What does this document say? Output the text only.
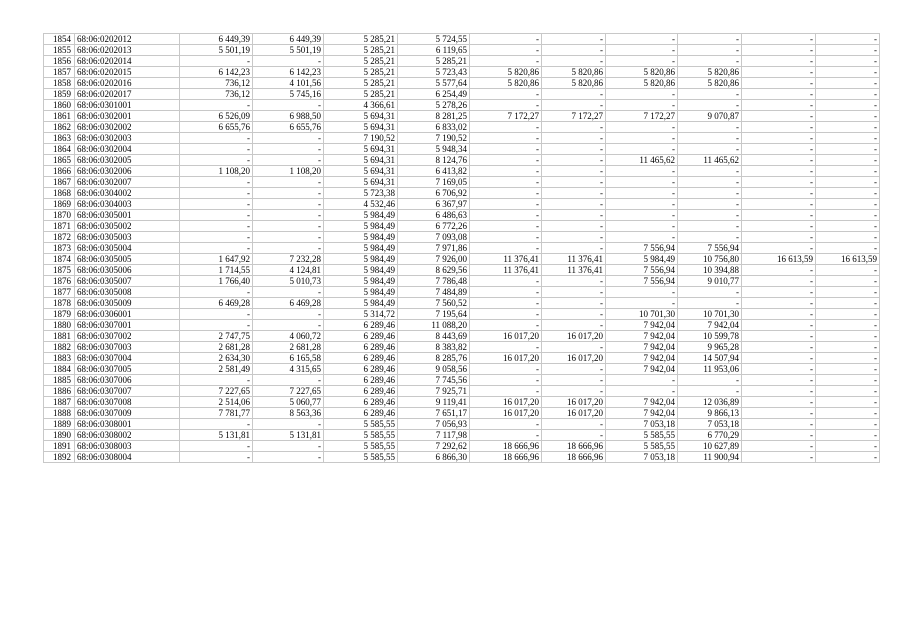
1854	68:06:0202012	6 449,39	6 449,39	5 285,21	5 724,55	-	-	-	-	-	-
1855	68:06:0202013	5 501,19	5 501,19	5 285,21	6 119,65	-	-	-	-	-	-
1856	68:06:0202014	-	-	5 285,21	5 285,21	-	-	-	-	-	-
1857	68:06:0202015	6 142,23	6 142,23	5 285,21	5 723,43	5 820,86	5 820,86	5 820,86	5 820,86	-	-
1858	68:06:0202016	736,12	4 101,56	5 285,21	5 577,64	5 820,86	5 820,86	5 820,86	5 820,86	-	-
1859	68:06:0202017	736,12	5 745,16	5 285,21	6 254,49	-	-	-	-	-	-
1860	68:06:0301001	-	-	4 366,61	5 278,26	-	-	-	-	-	-
1861	68:06:0302001	6 526,09	6 988,50	5 694,31	8 281,25	7 172,27	7 172,27	7 172,27	9 070,87	-	-
1862	68:06:0302002	6 655,76	6 655,76	5 694,31	6 833,02	-	-	-	-	-	-
1863	68:06:0302003	-	-	7 190,52	7 190,52	-	-	-	-	-	-
1864	68:06:0302004	-	-	5 694,31	5 948,34	-	-	-	-	-	-
1865	68:06:0302005	-	-	5 694,31	8 124,76	-	-	11 465,62	11 465,62	-	-
1866	68:06:0302006	1 108,20	1 108,20	5 694,31	6 413,82	-	-	-	-	-	-
1867	68:06:0302007	-	-	5 694,31	7 169,05	-	-	-	-	-	-
1868	68:06:0304002	-	-	5 723,38	6 706,92	-	-	-	-	-	-
1869	68:06:0304003	-	-	4 532,46	6 367,97	-	-	-	-	-	-
1870	68:06:0305001	-	-	5 984,49	6 486,63	-	-	-	-	-	-
1871	68:06:0305002	-	-	5 984,49	6 772,26	-	-	-	-	-	-
1872	68:06:0305003	-	-	5 984,49	7 093,08	-	-	-	-	-	-
1873	68:06:0305004	-	-	5 984,49	7 971,86	-	-	7 556,94	7 556,94	-	-
1874	68:06:0305005	1 647,92	7 232,28	5 984,49	7 926,00	11 376,41	11 376,41	5 984,49	10 756,80	16 613,59	16 613,59
1875	68:06:0305006	1 714,55	4 124,81	5 984,49	8 629,56	11 376,41	11 376,41	7 556,94	10 394,88	-	-
1876	68:06:0305007	1 766,40	5 010,73	5 984,49	7 786,48	-	-	7 556,94	9 010,77	-	-
1877	68:06:0305008	-	-	5 984,49	7 484,89	-	-	-	-	-	-
1878	68:06:0305009	6 469,28	6 469,28	5 984,49	7 560,52	-	-	-	-	-	-
1879	68:06:0306001	-	-	5 314,72	7 195,64	-	-	10 701,30	10 701,30	-	-
1880	68:06:0307001	-	-	6 289,46	11 088,20	-	-	7 942,04	7 942,04	-	-
1881	68:06:0307002	2 747,75	4 060,72	6 289,46	8 443,69	16 017,20	16 017,20	7 942,04	10 599,78	-	-
1882	68:06:0307003	2 681,28	2 681,28	6 289,46	8 383,82	-	-	7 942,04	9 965,28	-	-
1883	68:06:0307004	2 634,30	6 165,58	6 289,46	8 285,76	16 017,20	16 017,20	7 942,04	14 507,94	-	-
1884	68:06:0307005	2 581,49	4 315,65	6 289,46	9 058,56	-	-	7 942,04	11 953,06	-	-
1885	68:06:0307006	-	-	6 289,46	7 745,56	-	-	-	-	-	-
1886	68:06:0307007	7 227,65	7 227,65	6 289,46	7 925,71	-	-	-	-	-	-
1887	68:06:0307008	2 514,06	5 060,77	6 289,46	9 119,41	16 017,20	16 017,20	7 942,04	12 036,89	-	-
1888	68:06:0307009	7 781,77	8 563,36	6 289,46	7 651,17	16 017,20	16 017,20	7 942,04	9 866,13	-	-
1889	68:06:0308001	-	-	5 585,55	7 056,93	-	-	7 053,18	7 053,18	-	-
1890	68:06:0308002	5 131,81	5 131,81	5 585,55	7 117,98	-	-	5 585,55	6 770,29	-	-
1891	68:06:0308003	-	-	5 585,55	7 292,62	18 666,96	18 666,96	5 585,55	10 627,89	-	-
1892	68:06:0308004	-	-	5 585,55	6 866,30	18 666,96	18 666,96	7 053,18	11 900,94	-	-
